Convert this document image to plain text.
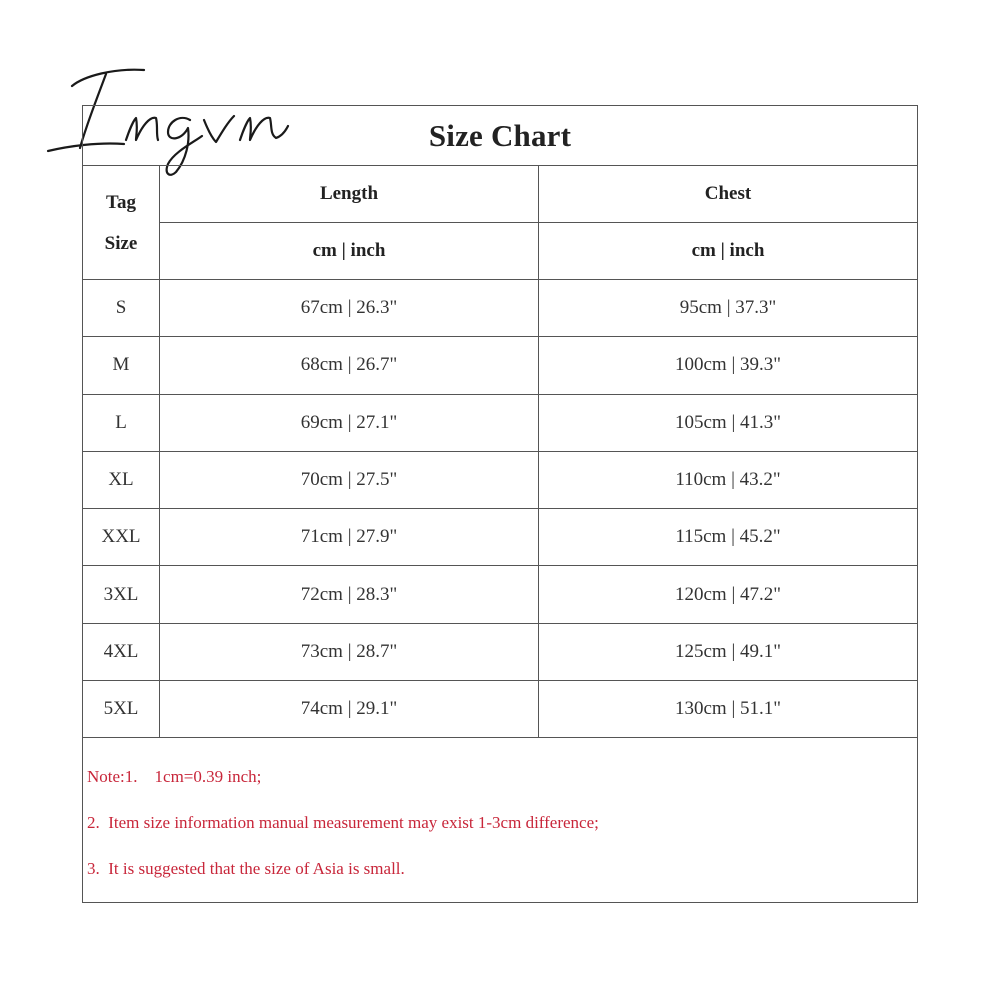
Size Chart
Tag
Size	Length	Chest
	cm | inch	cm | inch
S	67cm | 26.3"	95cm | 37.3"
M	68cm | 26.7"	100cm | 39.3"
L	69cm | 27.1"	105cm | 41.3"
XL	70cm | 27.5"	110cm | 43.2"
XXL	71cm | 27.9"	115cm | 45.2"
3XL	72cm | 28.3"	120cm | 47.2"
4XL	73cm | 28.7"	125cm | 49.1"
5XL	74cm | 29.1"	130cm | 51.1"
Note:1.    1cm=0.39 inch;
2.  Item size information manual measurement may exist 1-3cm difference;
3.  It is suggested that the size of Asia is small.
